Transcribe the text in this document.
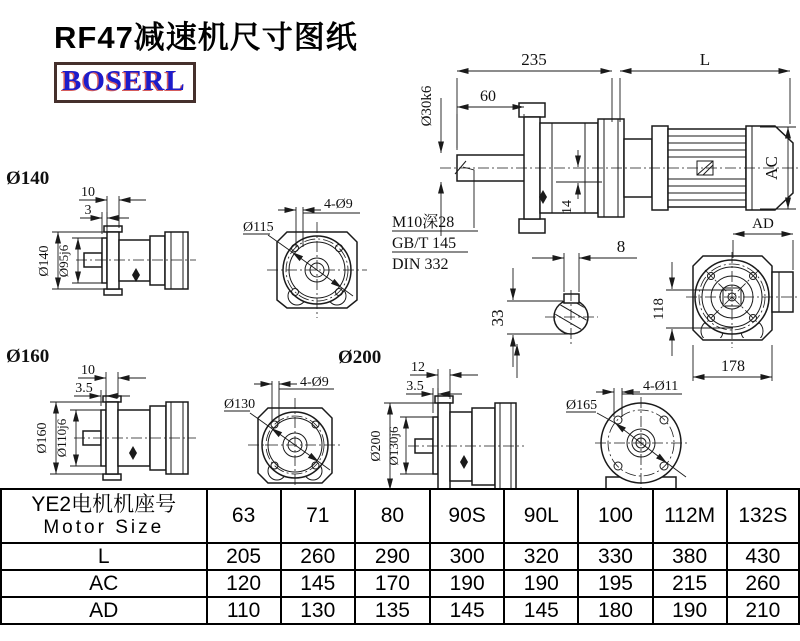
235	L
60
Ø30k6
14
AC
M10深28
GB/T 145
DIN 332
8
33
AD
118
178
Ø140
10
3
Ø140 Ø95j6
4-Ø9
Ø115
Ø160
10
3.5
Ø160 Ø110j6
4-Ø9
Ø130
Ø200 12
3.5
Ø200 Ø130j6
4-Ø11
Ø165
RF47减速机尺寸图纸
BOSERL
YE2电机机座号
Motor Size	63	71	80	90S	90L	100	112M	132S
L	205	260	290	300	320	330	380	430
AC	120	145	170	190	190	195	215	260
AD	110	130	135	145	145	180	190	210
